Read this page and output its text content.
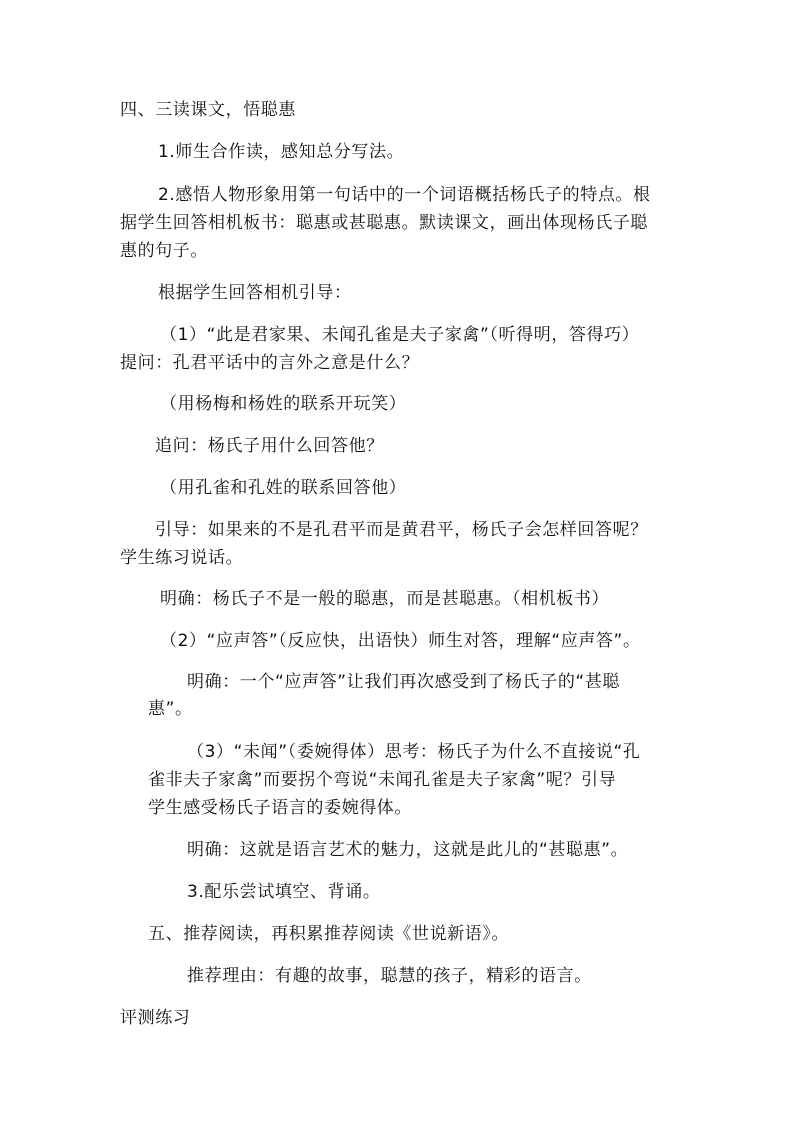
四、三读课文，悟聪惠

1.师生合作读，感知总分写法。

2.感悟人物形象用第一句话中的一个词语概括杨氏子的特点。根

据学生回答相机板书：聪惠或甚聪惠。默读课文，画出体现杨氏子聪

惠的句子。

根据学生回答相机引导：

（1）“此是君家果、未闻孔雀是夫子家禽”（听得明，答得巧）

提问：孔君平话中的言外之意是什么？

（用杨梅和杨姓的联系开玩笑）

追问：杨氏子用什么回答他？

（用孔雀和孔姓的联系回答他）

引导：如果来的不是孔君平而是黄君平，杨氏子会怎样回答呢？

学生练习说话。

明确：杨氏子不是一般的聪惠，而是甚聪惠。（相机板书）

（2）“应声答”（反应快，出语快）师生对答，理解“应声答”。

明确：一个“应声答”让我们再次感受到了杨氏子的“甚聪

惠”。

（3）“未闻”（委婉得体）思考：杨氏子为什么不直接说“孔

雀非夫子家禽”而要拐个弯说“未闻孔雀是夫子家禽”呢？引导

学生感受杨氏子语言的委婉得体。

明确：这就是语言艺术的魅力，这就是此儿的“甚聪惠”。

3.配乐尝试填空、背诵。

五、推荐阅读，再积累推荐阅读《世说新语》。

推荐理由：有趣的故事，聪慧的孩子，精彩的语言。

评测练习
